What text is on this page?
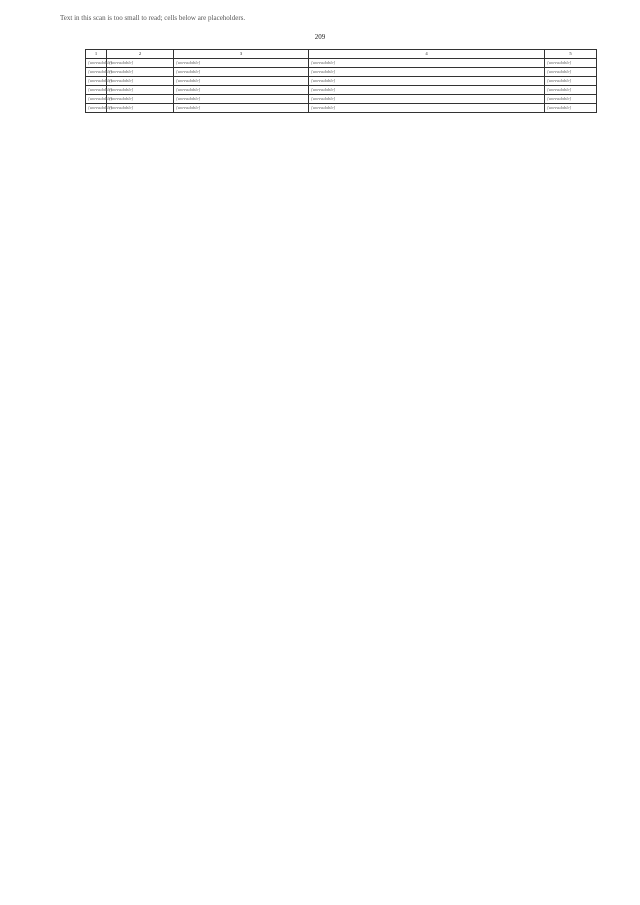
Text in this scan is too small to read; cells below are placeholders.
209
1	2	3	4	5
[unreadable]	[unreadable]	[unreadable]	[unreadable]	[unreadable]
[unreadable]	[unreadable]	[unreadable]	[unreadable]	[unreadable]
[unreadable]	[unreadable]	[unreadable]	[unreadable]	[unreadable]
[unreadable]	[unreadable]	[unreadable]	[unreadable]	[unreadable]
[unreadable]	[unreadable]	[unreadable]	[unreadable]	[unreadable]
[unreadable]	[unreadable]	[unreadable]	[unreadable]	[unreadable]
